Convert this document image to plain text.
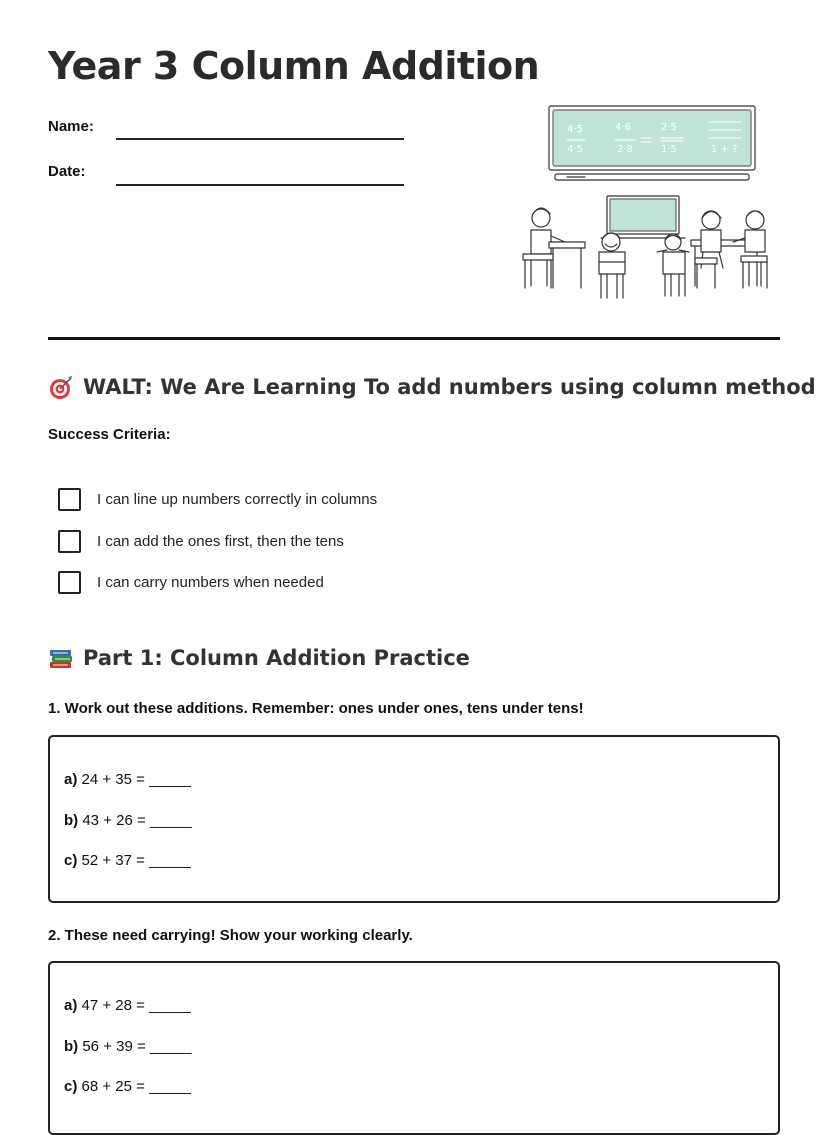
Year 3 Column Addition
Name:
Date:
4·5
4·5
4·6
2·8
2·5
1·5	1 + ?
WALT: We Are Learning To add numbers using column method
Success Criteria:
I can line up numbers correctly in columns
I can add the ones first, then the tens
I can carry numbers when needed
Part 1: Column Addition Practice
1. Work out these additions. Remember: ones under ones, tens under tens!
a) 24 + 35 = _____
b) 43 + 26 = _____
c) 52 + 37 = _____
2. These need carrying! Show your working clearly.
a) 47 + 28 = _____
b) 56 + 39 = _____
c) 68 + 25 = _____
